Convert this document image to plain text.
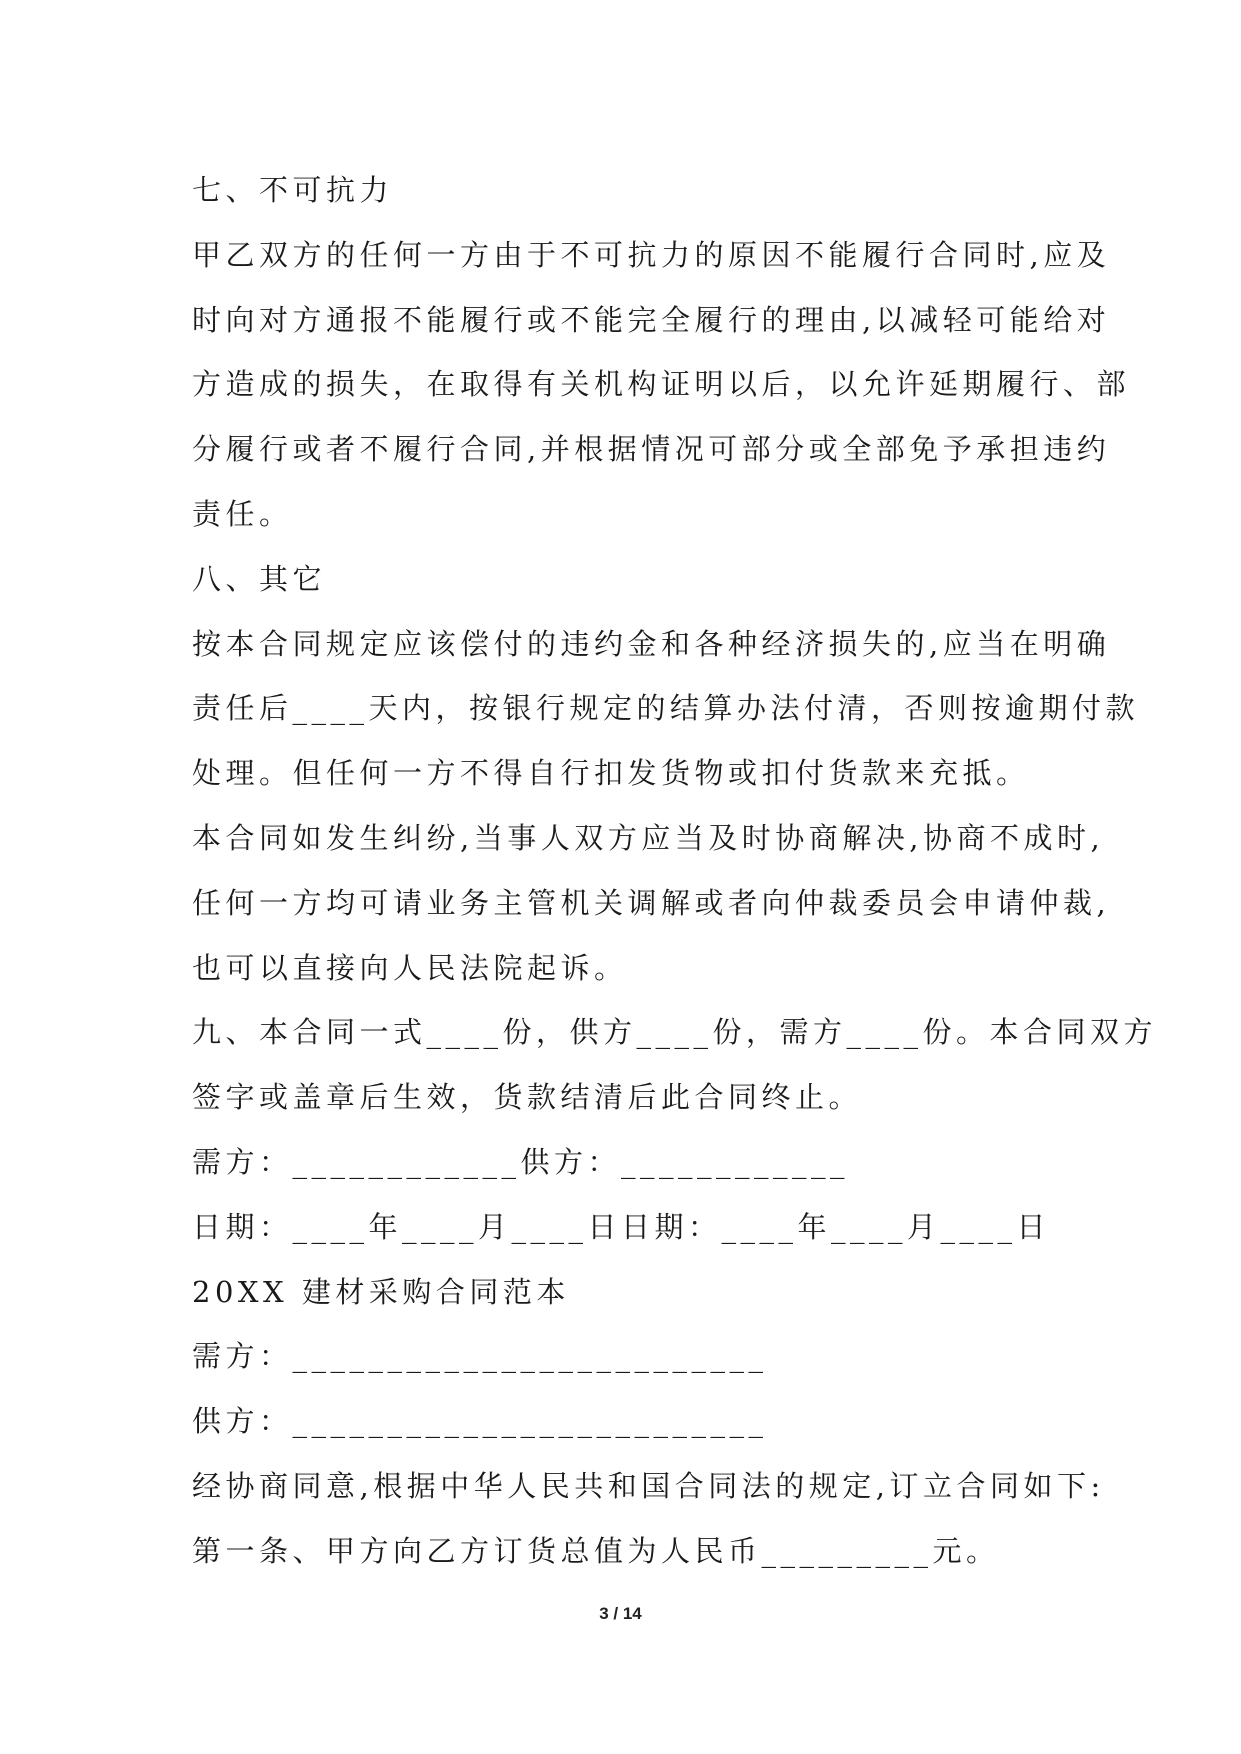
七、不可抗力
甲乙双方的任何一方由于不可抗力的原因不能履行合同时,应及
时向对方通报不能履行或不能完全履行的理由,以减轻可能给对
方造成的损失，在取得有关机构证明以后，以允许延期履行、部
分履行或者不履行合同,并根据情况可部分或全部免予承担违约
责任。
八、其它
按本合同规定应该偿付的违约金和各种经济损失的,应当在明确
责任后____天内，按银行规定的结算办法付清，否则按逾期付款
处理。但任何一方不得自行扣发货物或扣付货款来充抵。
本合同如发生纠纷,当事人双方应当及时协商解决,协商不成时,
任何一方均可请业务主管机关调解或者向仲裁委员会申请仲裁,
也可以直接向人民法院起诉。
九、本合同一式____份，供方____份，需方____份。本合同双方
签字或盖章后生效，货款结清后此合同终止。
需方：____________供方：____________
日期：____年____月____日日期：____年____月____日
20XX 建材采购合同范本
需方：_________________________
供方：_________________________
经协商同意,根据中华人民共和国合同法的规定,订立合同如下:
第一条、甲方向乙方订货总值为人民币_________元。
3 / 14
